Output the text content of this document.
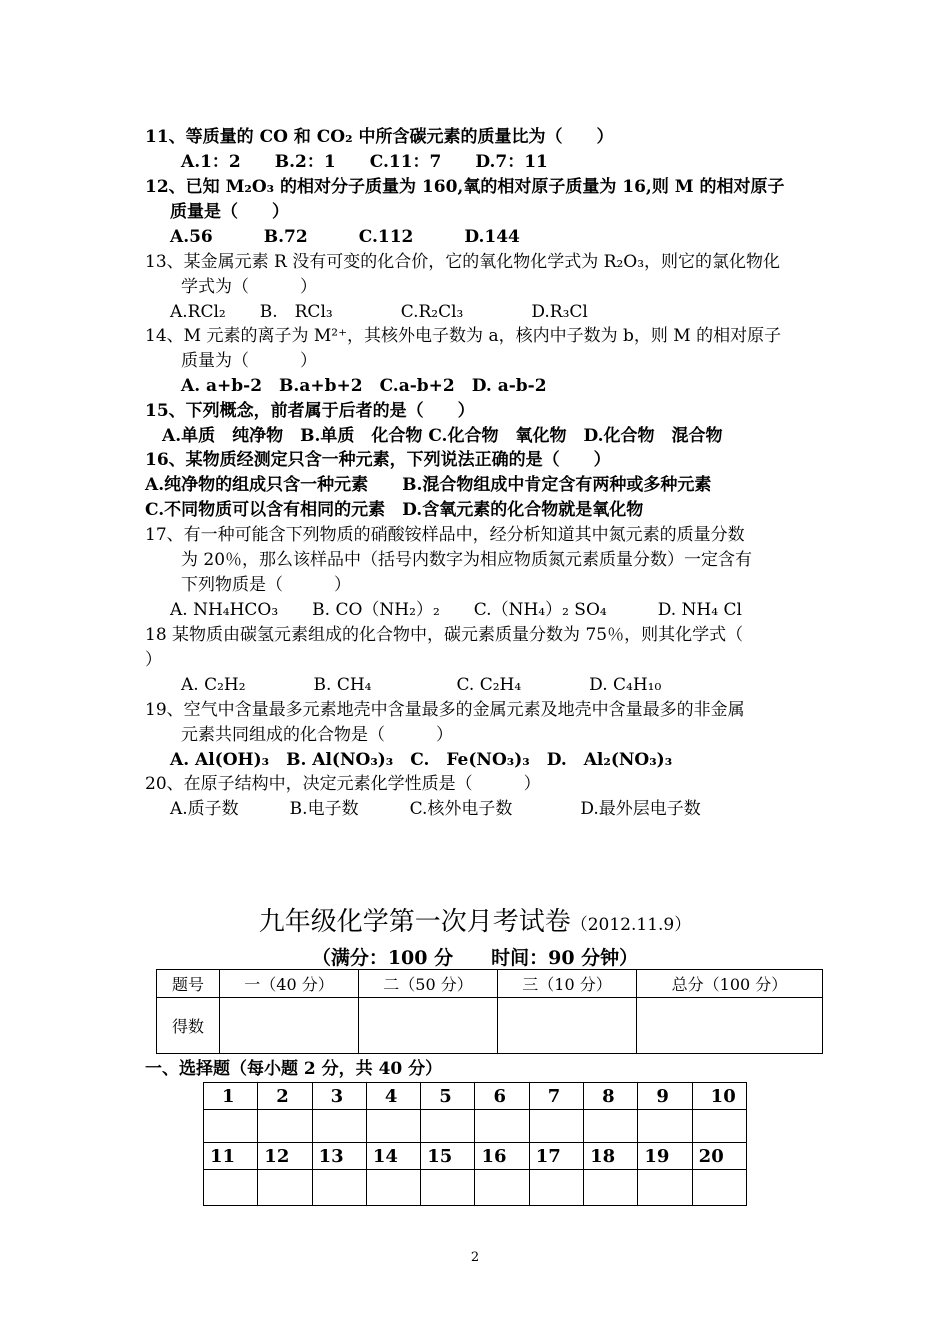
11、等质量的 CO 和 CO₂ 中所含碳元素的质量比为（　　）
A.1：2　　B.2：1　　C.11：7　　D.7：11
12、已知 M₂O₃ 的相对分子质量为 160,氧的相对原子质量为 16,则 M 的相对原子
质量是（　　）
A.56　　　B.72　　　C.112　　　D.144
13、某金属元素 R 没有可变的化合价，它的氧化物化学式为 R₂O₃，则它的氯化物化
学式为（　　　）
A.RCl₂　　B.　RCl₃　　　　C.R₂Cl₃　　　　D.R₃Cl
14、M 元素的离子为 M²⁺，其核外电子数为 a，核内中子数为 b，则 M 的相对原子
质量为（　　　）
A. a+b-2　B.a+b+2　C.a-b+2　D. a-b-2
15、下列概念，前者属于后者的是（　　）
A.单质　纯净物　B.单质　化合物 C.化合物　氧化物　D.化合物　混合物
16、某物质经测定只含一种元素，下列说法正确的是（　　）
A.纯净物的组成只含一种元素　　B.混合物组成中肯定含有两种或多种元素
C.不同物质可以含有相同的元素　D.含氧元素的化合物就是氧化物
17、有一种可能含下列物质的硝酸铵样品中，经分析知道其中氮元素的质量分数
为 20％，那么该样品中（括号内数字为相应物质氮元素质量分数）一定含有
下列物质是（　　　）
A. NH₄HCO₃　　B. CO（NH₂）₂　　C.（NH₄）₂ SO₄　　　D. NH₄ Cl
18 某物质由碳氢元素组成的化合物中，碳元素质量分数为 75％，则其化学式（
）
A. C₂H₂　　　　B. CH₄　　　　　C. C₂H₄　　　　D. C₄H₁₀
19、空气中含量最多元素地壳中含量最多的金属元素及地壳中含量最多的非金属
元素共同组成的化合物是（　　　）
A. Al(OH)₃　B. Al(NO₃)₃　C.　Fe(NO₃)₃　D.　Al₂(NO₃)₃
20、在原子结构中，决定元素化学性质是（　　　）
A.质子数　　　B.电子数　　　C.核外电子数　　　　D.最外层电子数
九年级化学第一次月考试卷（2012.11.9）
（满分：100 分　　时间：90 分钟）
题号	一（40 分）	二（50 分）	三（10 分）	总分（100 分）
得数				
一、选择题（每小题 2 分，共 40 分）
1	2	3	4	5	6	7	8	9	10

11	12	13	14	15	16	17	18	19	20

2
